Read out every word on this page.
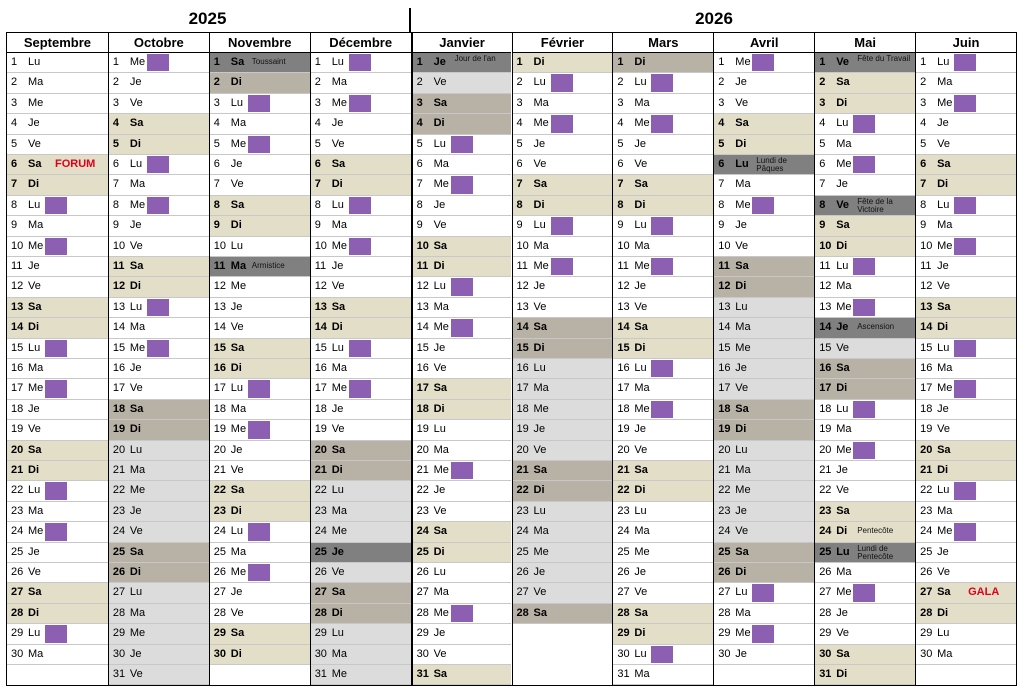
2025	2026
Septembre
1 Lu
2 Ma
3 Me
4 Je
5 Ve
6 Sa FORUM
7 Di
8 Lu
9 Ma
10 Me
11 Je
12 Ve
13 Sa
14 Di
15 Lu
16 Ma
17 Me
18 Je
19 Ve
20 Sa
21 Di
22 Lu
23 Ma
24 Me
25 Je
26 Ve
27 Sa
28 Di
29 Lu
30 Ma
Octobre
1 Me
2 Je
3 Ve
4 Sa
5 Di
6 Lu
7 Ma
8 Me
9 Je
10 Ve
11 Sa
12 Di
13 Lu
14 Ma
15 Me
16 Je
17 Ve
18 Sa
19 Di
20 Lu
21 Ma
22 Me
23 Je
24 Ve
25 Sa
26 Di
27 Lu
28 Ma
29 Me
30 Je
31 Ve
Novembre
1 Sa Toussaint
2 Di
3 Lu
4 Ma
5 Me
6 Je
7 Ve
8 Sa
9 Di
10 Lu
11 Ma Armistice
12 Me
13 Je
14 Ve
15 Sa
16 Di
17 Lu
18 Ma
19 Me
20 Je
21 Ve
22 Sa
23 Di
24 Lu
25 Ma
26 Me
27 Je
28 Ve
29 Sa
30 Di
Décembre
1 Lu
2 Ma
3 Me
4 Je
5 Ve
6 Sa
7 Di
8 Lu
9 Ma
10 Me
11 Je
12 Ve
13 Sa
14 Di
15 Lu
16 Ma
17 Me
18 Je
19 Ve
20 Sa
21 Di
22 Lu
23 Ma
24 Me
25 Je
26 Ve
27 Sa
28 Di
29 Lu
30 Ma
31 Me
Janvier
1 Je Jour de l'an
2 Ve
3 Sa
4 Di
5 Lu
6 Ma
7 Me
8 Je
9 Ve
10 Sa
11 Di
12 Lu
13 Ma
14 Me
15 Je
16 Ve
17 Sa
18 Di
19 Lu
20 Ma
21 Me
22 Je
23 Ve
24 Sa
25 Di
26 Lu
27 Ma
28 Me
29 Je
30 Ve
31 Sa
Février
1 Di
2 Lu
3 Ma
4 Me
5 Je
6 Ve
7 Sa
8 Di
9 Lu
10 Ma
11 Me
12 Je
13 Ve
14 Sa
15 Di
16 Lu
17 Ma
18 Me
19 Je
20 Ve
21 Sa
22 Di
23 Lu
24 Ma
25 Me
26 Je
27 Ve
28 Sa
Mars
1 Di
2 Lu
3 Ma
4 Me
5 Je
6 Ve
7 Sa
8 Di
9 Lu
10 Ma
11 Me
12 Je
13 Ve
14 Sa
15 Di
16 Lu
17 Ma
18 Me
19 Je
20 Ve
21 Sa
22 Di
23 Lu
24 Ma
25 Me
26 Je
27 Ve
28 Sa
29 Di
30 Lu
31 Ma
Avril
1 Me
2 Je
3 Ve
4 Sa
5 Di
6 Lu Lundi de Pâques
7 Ma
8 Me
9 Je
10 Ve
11 Sa
12 Di
13 Lu
14 Ma
15 Me
16 Je
17 Ve
18 Sa
19 Di
20 Lu
21 Ma
22 Me
23 Je
24 Ve
25 Sa
26 Di
27 Lu
28 Ma
29 Me
30 Je
Mai
1 Ve Fête du Travail
2 Sa
3 Di
4 Lu
5 Ma
6 Me
7 Je
8 Ve Fête de la Victoire
9 Sa
10 Di
11 Lu
12 Ma
13 Me
14 Je Ascension
15 Ve
16 Sa
17 Di
18 Lu
19 Ma
20 Me
21 Je
22 Ve
23 Sa
24 Di Pentecôte
25 Lu Lundi de Pentecôte
26 Ma
27 Me
28 Je
29 Ve
30 Sa
31 Di
Juin
1 Lu
2 Ma
3 Me
4 Je
5 Ve
6 Sa
7 Di
8 Lu
9 Ma
10 Me
11 Je
12 Ve
13 Sa
14 Di
15 Lu
16 Ma
17 Me
18 Je
19 Ve
20 Sa
21 Di
22 Lu
23 Ma
24 Me
25 Je
26 Ve
27 Sa GALA
28 Di
29 Lu
30 Ma
